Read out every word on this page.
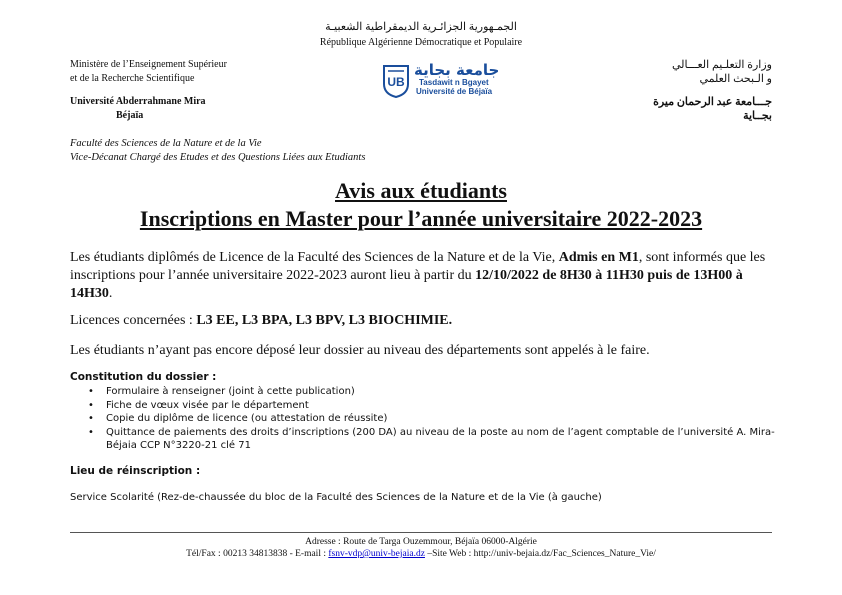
الجمـهورية الجزائـرية الديمقراطية الشعبيـة
République Algérienne Démocratique et Populaire
Ministère de l’Enseignement Supérieur
et de la Recherche Scientifique
Université Abderrahmane Mira
Béjaïa
وزارة التعلـيم العـــالي
و الـبحث العلمي
جـــامعة عبد الرحمان ميرة
بجــاية
UB
جامعة بجاية
Tasdawit n Bgayet
Université de Béjaïa
Faculté des Sciences de la Nature et de la Vie
Vice-Décanat Chargé des Etudes et des Questions Liées aux Etudiants
Avis aux étudiants
Inscriptions en Master pour l’année universitaire 2022-2023
Les étudiants diplômés de Licence de la Faculté des Sciences de la Nature et de la Vie, Admis en M1, sont informés que les inscriptions pour l’année universitaire 2022-2023 auront lieu à partir du 12/10/2022 de 8H30 à 11H30 puis de 13H00 à 14H30.
Licences concernées : L3 EE, L3 BPA, L3 BPV, L3 BIOCHIMIE.
Les étudiants n’ayant pas encore déposé leur dossier au niveau des départements sont appelés à le faire.
Constitution du dossier :
• Formulaire à renseigner (joint à cette publication)
• Fiche de vœux visée par le département
• Copie du diplôme de licence (ou attestation de réussite)
• Quittance de paiements des droits d’inscriptions (200 DA) au niveau de la poste au nom de l’agent comptable de l’université A. Mira- Béjaia CCP N°3220-21 clé 71
Lieu de réinscription :
Service Scolarité (Rez-de-chaussée du bloc de la Faculté des Sciences de la Nature et de la Vie (à gauche)
Adresse : Route de Targa Ouzemmour, Béjaïa 06000-Algérie
Tél/Fax : 00213 34813838 - E-mail : fsnv-vdp@univ-bejaia.dz –Site Web : http://univ-bejaia.dz/Fac_Sciences_Nature_Vie/
